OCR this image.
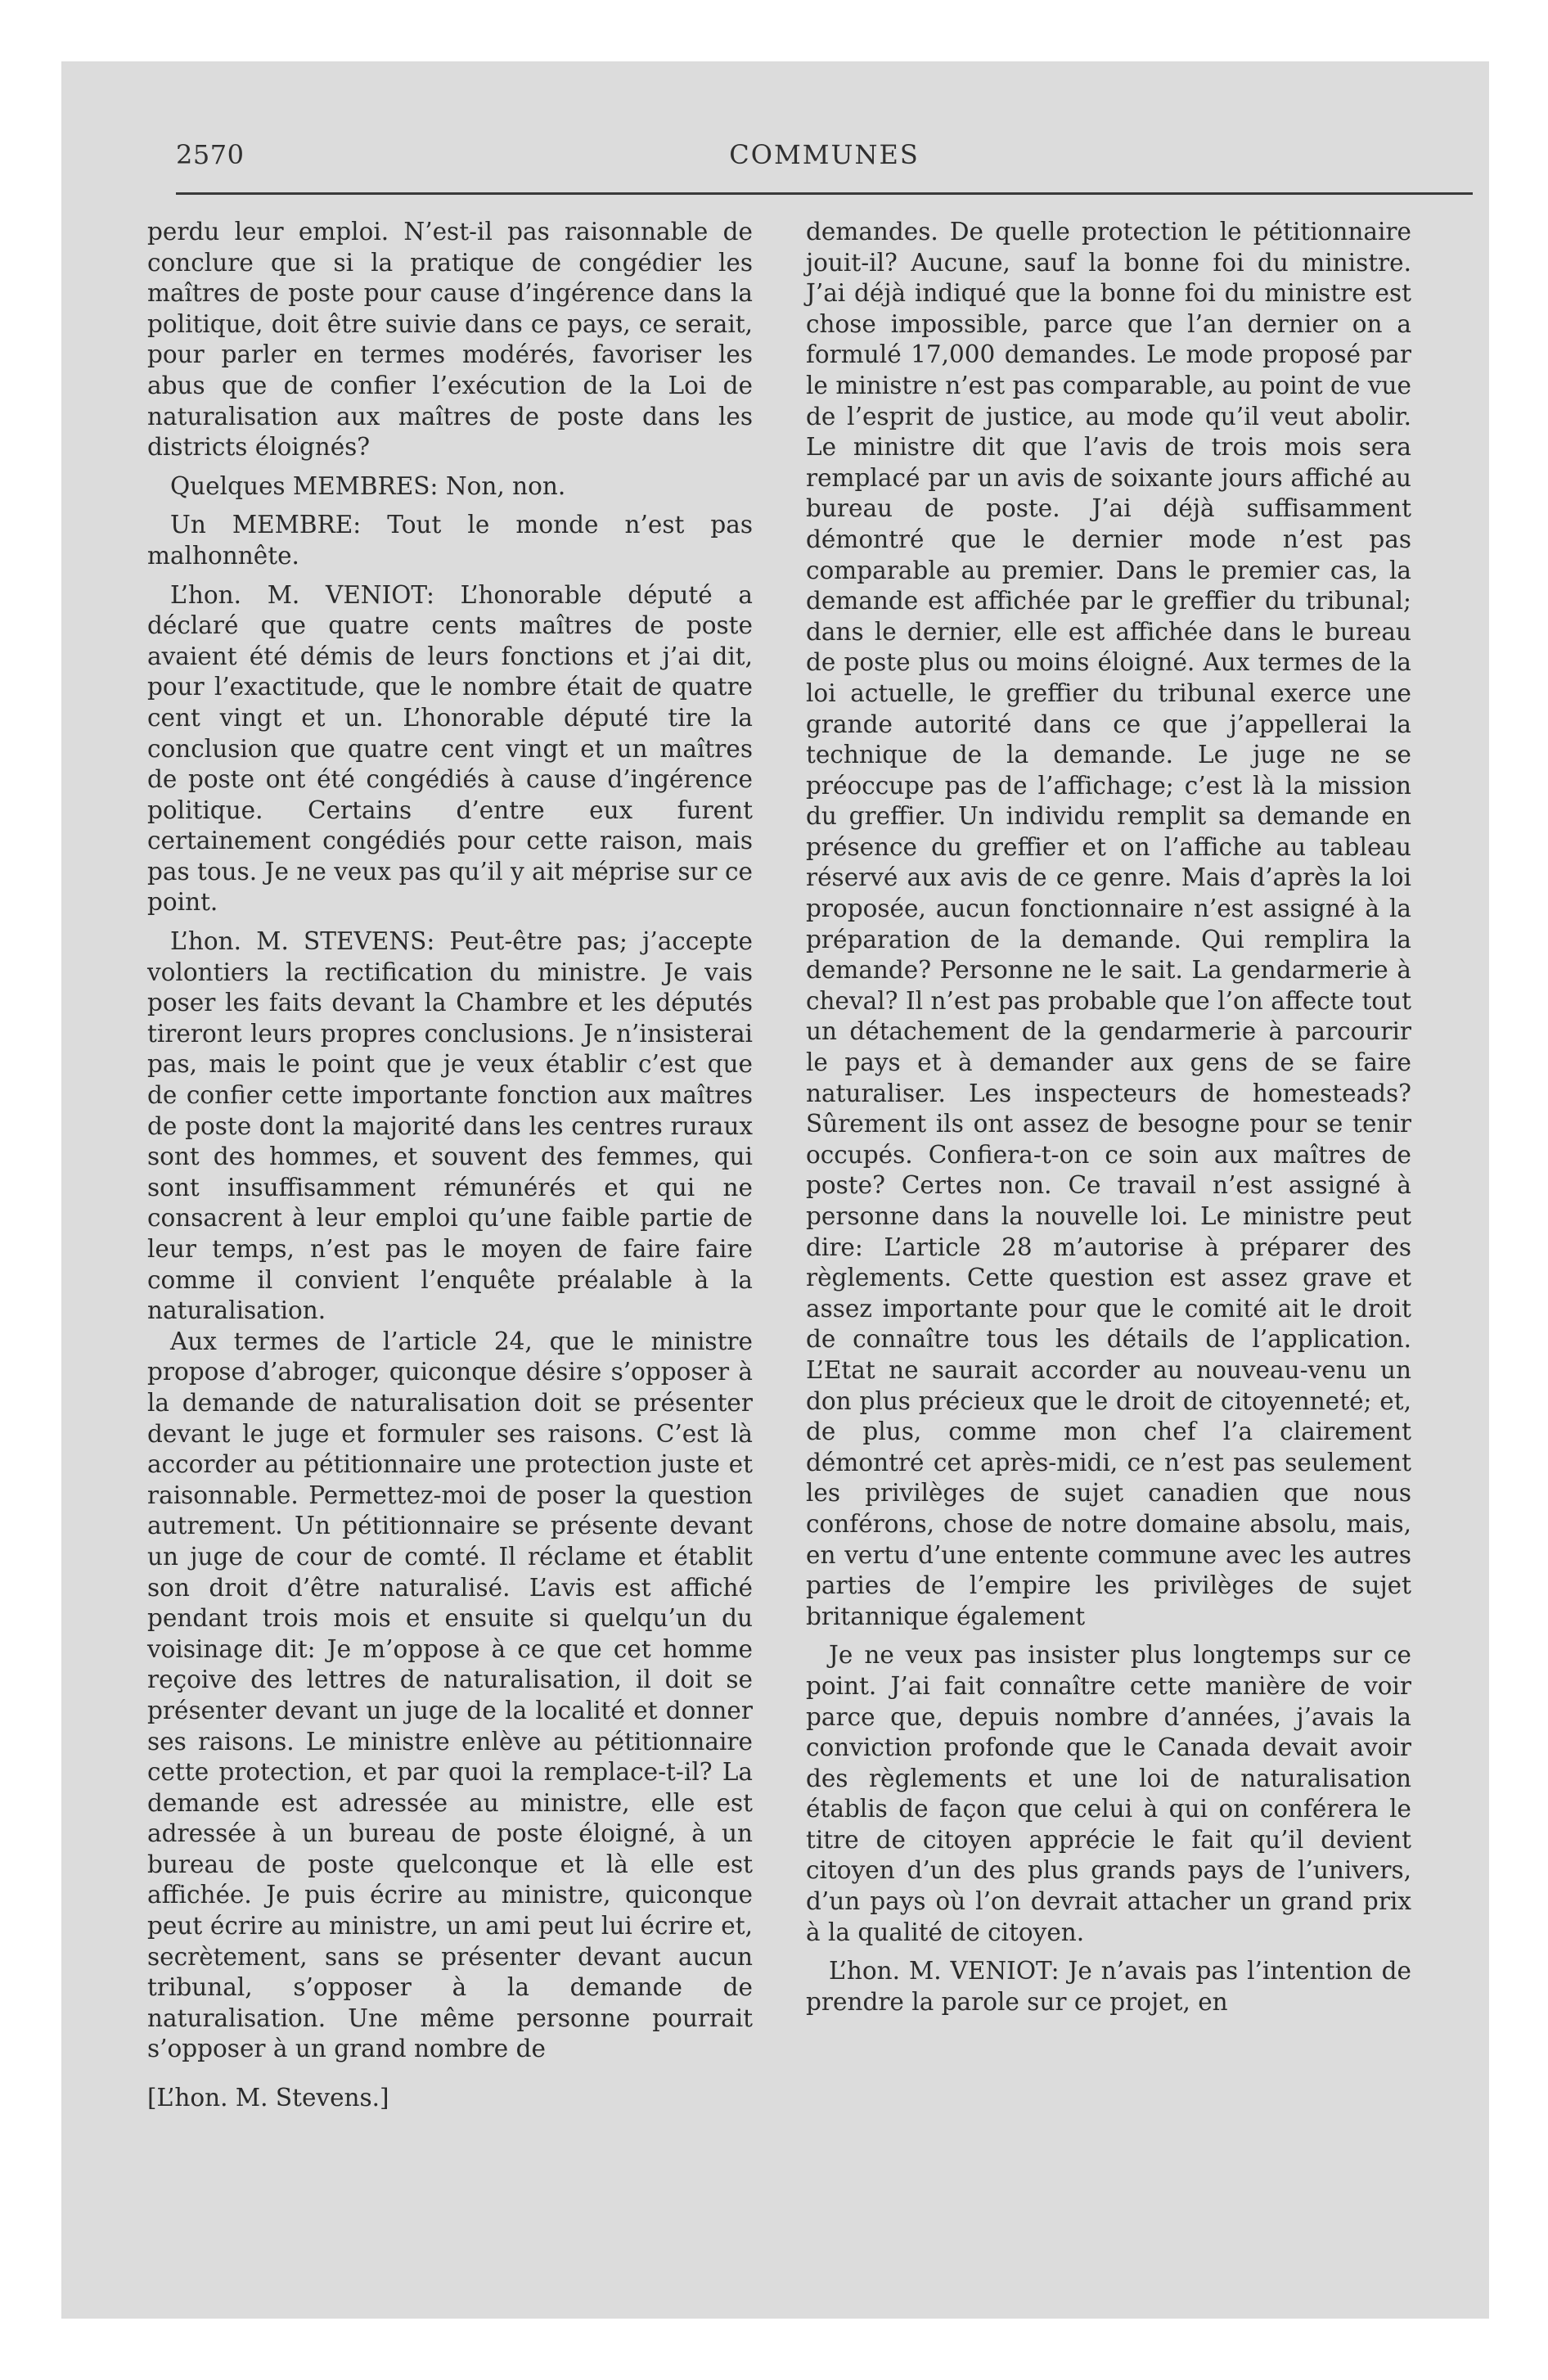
2570	COMMUNES

perdu leur emploi. N’est-il pas raisonnable de conclure que si la pratique de congédier les maîtres de poste pour cause d’ingérence dans la politique, doit être suivie dans ce pays, ce serait, pour parler en termes modérés, favoriser les abus que de confier l’exécution de la Loi de naturalisation aux maîtres de poste dans les districts éloignés?

Quelques MEMBRES: Non, non.

Un MEMBRE: Tout le monde n’est pas malhonnête.

L’hon. M. VENIOT: L’honorable député a déclaré que quatre cents maîtres de poste avaient été démis de leurs fonctions et j’ai dit, pour l’exactitude, que le nombre était de quatre cent vingt et un. L’honorable député tire la conclusion que quatre cent vingt et un maîtres de poste ont été congédiés à cause d’ingérence politique. Certains d’entre eux furent certainement congédiés pour cette raison, mais pas tous. Je ne veux pas qu’il y ait méprise sur ce point.

L’hon. M. STEVENS: Peut-être pas; j’accepte volontiers la rectification du ministre. Je vais poser les faits devant la Chambre et les députés tireront leurs propres conclusions. Je n’insisterai pas, mais le point que je veux établir c’est que de confier cette importante fonction aux maîtres de poste dont la majorité dans les centres ruraux sont des hommes, et souvent des femmes, qui sont insuffisamment rémunérés et qui ne consacrent à leur emploi qu’une faible partie de leur temps, n’est pas le moyen de faire faire comme il convient l’enquête préalable à la naturalisation.

Aux termes de l’article 24, que le ministre propose d’abroger, quiconque désire s’opposer à la demande de naturalisation doit se présenter devant le juge et formuler ses raisons. C’est là accorder au pétitionnaire une protection juste et raisonnable. Permettez-moi de poser la question autrement. Un pétitionnaire se présente devant un juge de cour de comté. Il réclame et établit son droit d’être naturalisé. L’avis est affiché pendant trois mois et ensuite si quelqu’un du voisinage dit: Je m’oppose à ce que cet homme reçoive des lettres de naturalisation, il doit se présenter devant un juge de la localité et donner ses raisons. Le ministre enlève au pétitionnaire cette protection, et par quoi la remplace-t-il? La demande est adressée au ministre, elle est adressée à un bureau de poste éloigné, à un bureau de poste quelconque et là elle est affichée. Je puis écrire au ministre, quiconque peut écrire au ministre, un ami peut lui écrire et, secrètement, sans se présenter devant aucun tribunal, s’opposer à la demande de naturalisation. Une même personne pourrait s’opposer à un grand nombre de

[L’hon. M. Stevens.]

demandes. De quelle protection le pétitionnaire jouit-il? Aucune, sauf la bonne foi du ministre. J’ai déjà indiqué que la bonne foi du ministre est chose impossible, parce que l’an dernier on a formulé 17,000 demandes. Le mode proposé par le ministre n’est pas comparable, au point de vue de l’esprit de justice, au mode qu’il veut abolir. Le ministre dit que l’avis de trois mois sera remplacé par un avis de soixante jours affiché au bureau de poste. J’ai déjà suffisamment démontré que le dernier mode n’est pas comparable au premier. Dans le premier cas, la demande est affichée par le greffier du tribunal; dans le dernier, elle est affichée dans le bureau de poste plus ou moins éloigné. Aux termes de la loi actuelle, le greffier du tribunal exerce une grande autorité dans ce que j’appellerai la technique de la demande. Le juge ne se préoccupe pas de l’affichage; c’est là la mission du greffier. Un individu remplit sa demande en présence du greffier et on l’affiche au tableau réservé aux avis de ce genre. Mais d’après la loi proposée, aucun fonctionnaire n’est assigné à la préparation de la demande. Qui remplira la demande? Personne ne le sait. La gendarmerie à cheval? Il n’est pas probable que l’on affecte tout un détachement de la gendarmerie à parcourir le pays et à demander aux gens de se faire naturaliser. Les inspecteurs de homesteads? Sûrement ils ont assez de besogne pour se tenir occupés. Confiera-t-on ce soin aux maîtres de poste? Certes non. Ce travail n’est assigné à personne dans la nouvelle loi. Le ministre peut dire: L’article 28 m’autorise à préparer des règlements. Cette question est assez grave et assez importante pour que le comité ait le droit de connaître tous les détails de l’application. L’Etat ne saurait accorder au nouveau-venu un don plus précieux que le droit de citoyenneté; et, de plus, comme mon chef l’a clairement démontré cet après-midi, ce n’est pas seulement les privilèges de sujet canadien que nous conférons, chose de notre domaine absolu, mais, en vertu d’une entente commune avec les autres parties de l’empire les privilèges de sujet britannique également

Je ne veux pas insister plus longtemps sur ce point. J’ai fait connaître cette manière de voir parce que, depuis nombre d’années, j’avais la conviction profonde que le Canada devait avoir des règlements et une loi de naturalisation établis de façon que celui à qui on conférera le titre de citoyen apprécie le fait qu’il devient citoyen d’un des plus grands pays de l’univers, d’un pays où l’on devrait attacher un grand prix à la qualité de citoyen.

L’hon. M. VENIOT: Je n’avais pas l’intention de prendre la parole sur ce projet, en
